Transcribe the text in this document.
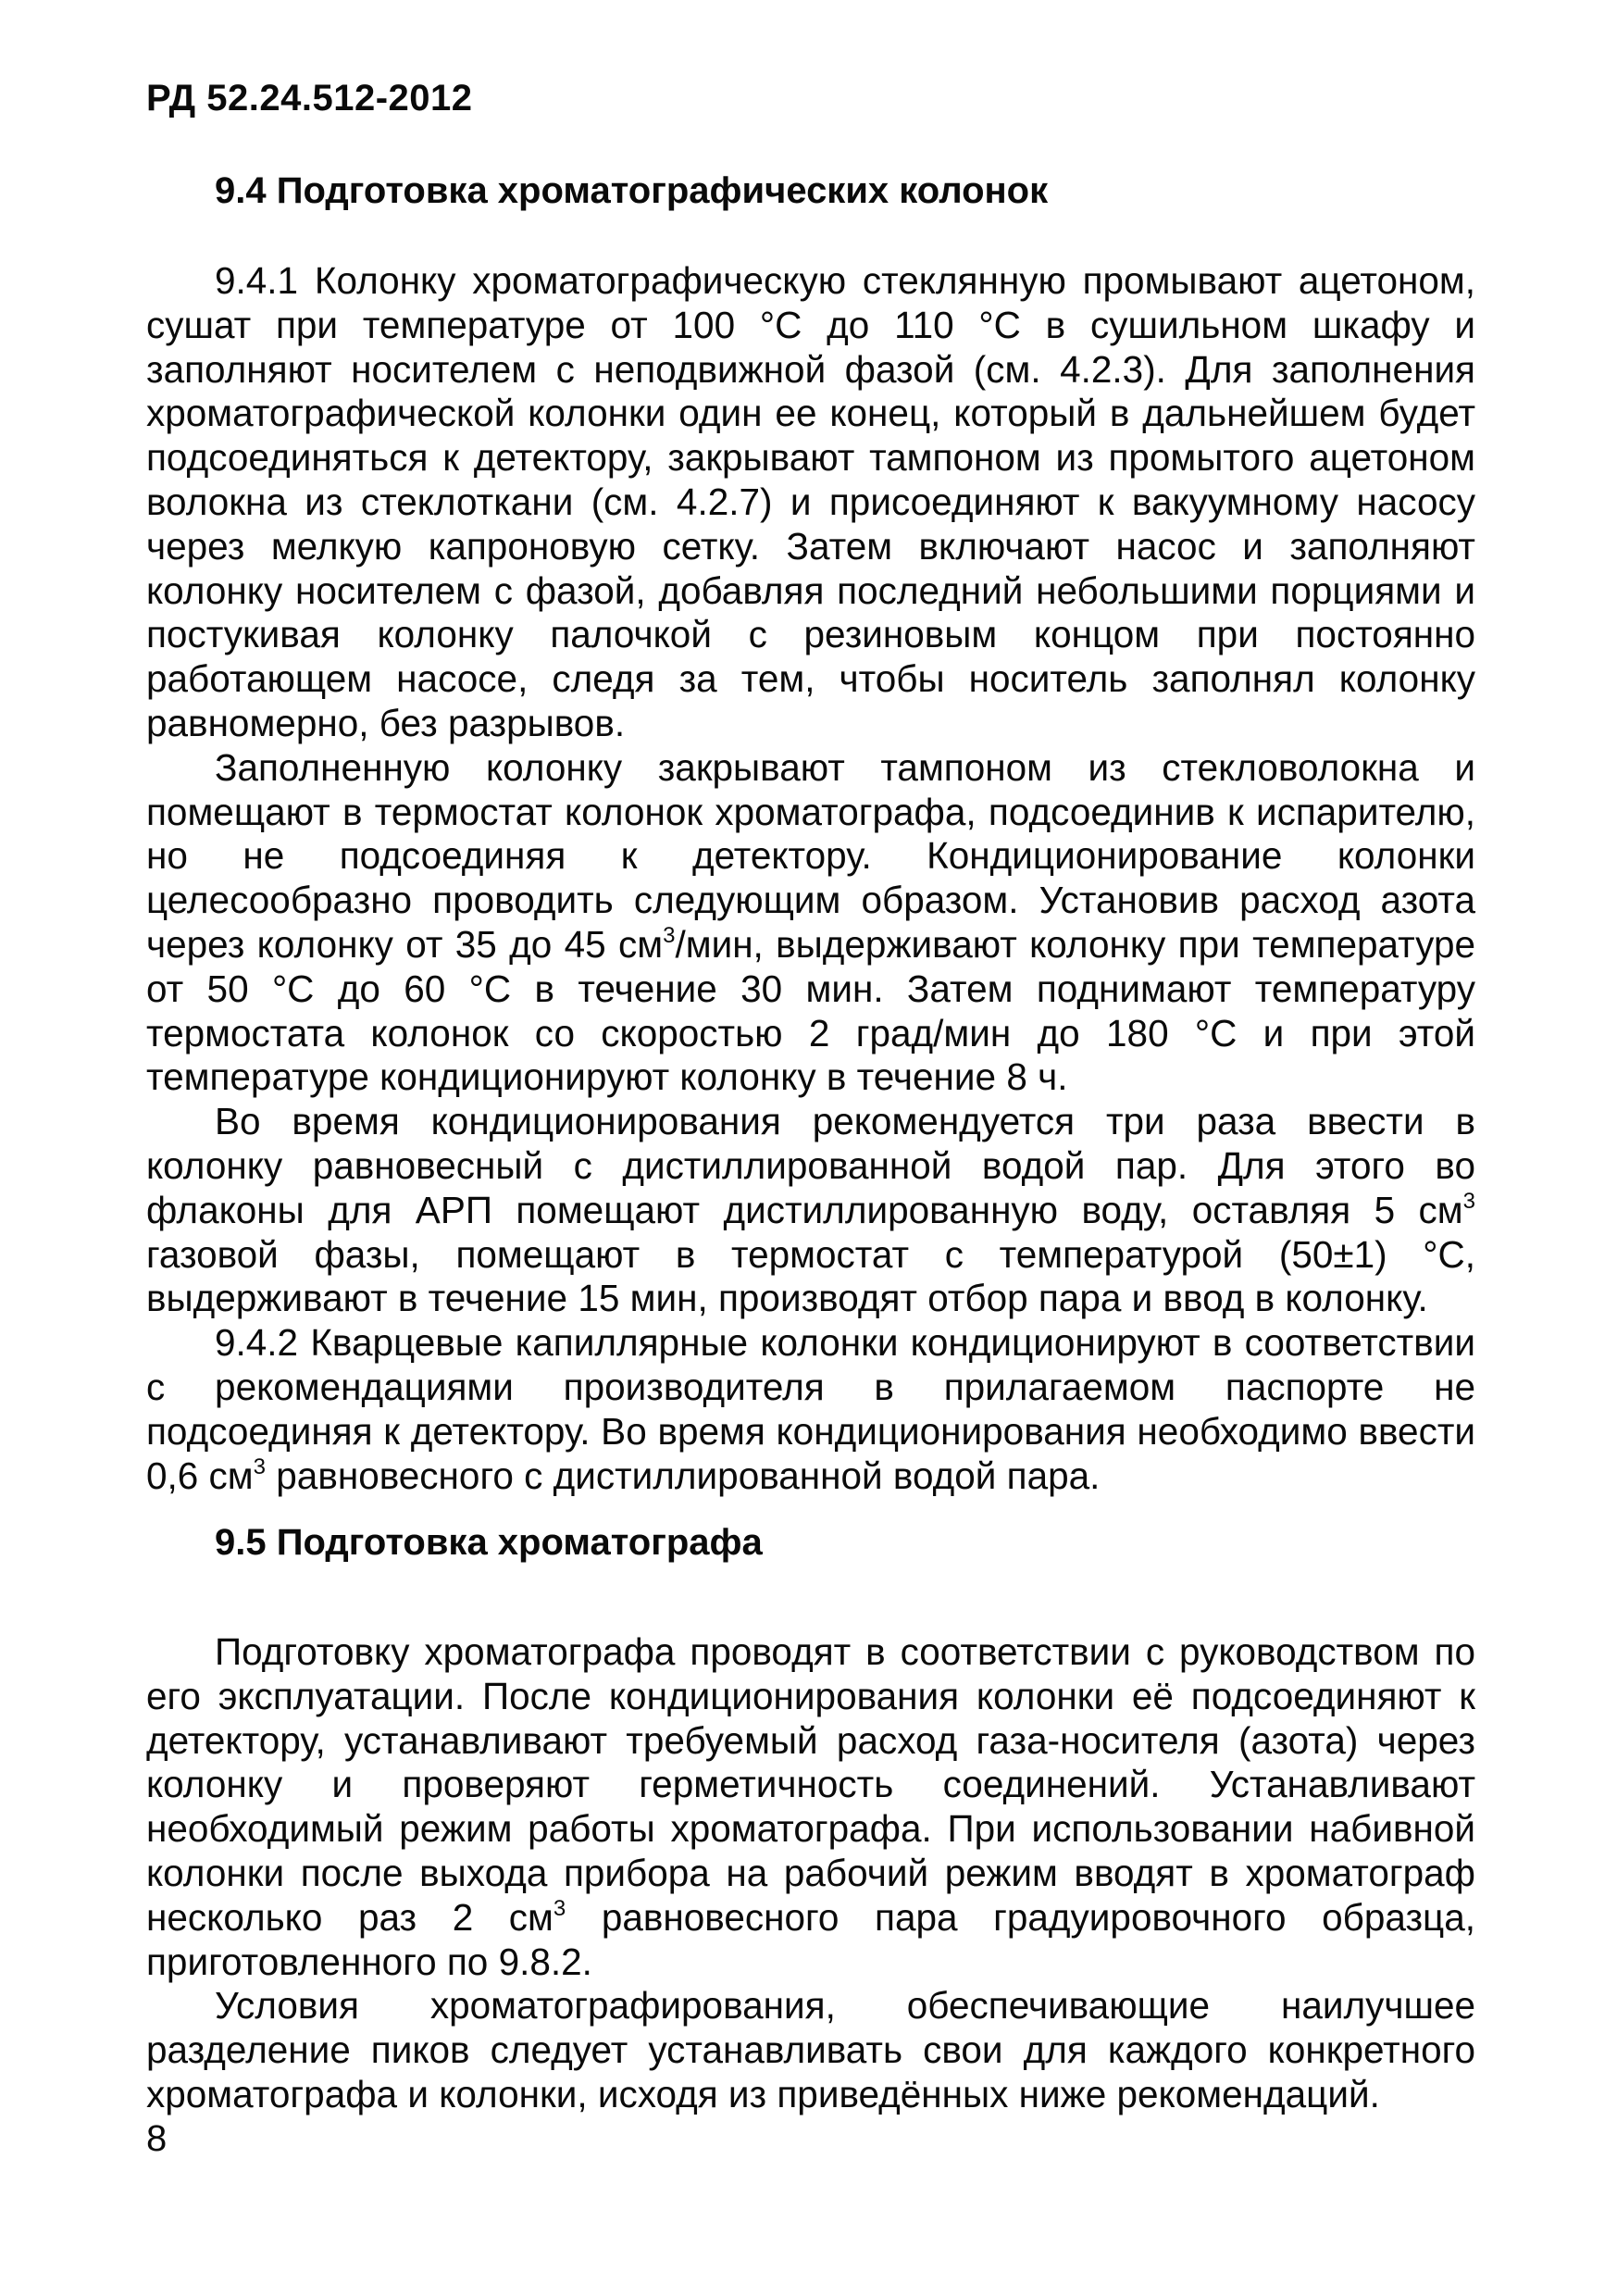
РД 52.24.512-2012
9.4 Подготовка хроматографических колонок

9.4.1 Колонку хроматографическую стеклянную промывают ацетоном, сушат при температуре от 100 °С до 110 °С в сушильном шкафу и заполняют носителем с неподвижной фазой (см. 4.2.3). Для заполнения хроматографической колонки один ее конец, который в дальнейшем будет подсоединяться к детектору, закрывают тампоном из промытого ацетоном волокна из стеклоткани (см. 4.2.7) и присоединяют к вакуумному насосу через мелкую капроновую сетку. Затем включают насос и заполняют колонку носителем с фазой, добавляя последний небольшими порциями и постукивая колонку палочкой с резиновым концом при постоянно работающем насосе, следя за тем, чтобы носитель заполнял колонку равномерно, без разрывов.

Заполненную колонку закрывают тампоном из стекловолокна и помещают в термостат колонок хроматографа, подсоединив к испарителю, но не подсоединяя к детектору. Кондиционирование колонки целесообразно проводить следующим образом. Установив расход азота через колонку от 35 до 45 $см^3$/мин, выдерживают колонку при температуре от 50 °С до 60 °С в течение 30 мин. Затем поднимают температуру термостата колонок со скоростью 2 град/мин до 180 °С и при этой температуре кондиционируют колонку в течение 8 ч.

Во время кондиционирования рекомендуется три раза ввести в колонку равновесный с дистиллированной водой пар. Для этого во флаконы для АРП помещают дистиллированную воду, оставляя 5 $см^3$ газовой фазы, помещают в термостат с температурой (50±1) °С, выдерживают в течение 15 мин, производят отбор пара и ввод в колонку.

9.4.2 Кварцевые капиллярные колонки кондиционируют в соответствии с рекомендациями производителя в прилагаемом паспорте не подсоединяя к детектору. Во время кондиционирования необходимо ввести 0,6 $см^3$ равновесного с дистиллированной водой пара.

9.5 Подготовка хроматографа

Подготовку хроматографа проводят в соответствии с руководством по его эксплуатации. После кондиционирования колонки её подсоединяют к детектору, устанавливают требуемый расход газа-носителя (азота) через колонку и проверяют герметичность соединений. Устанавливают необходимый режим работы хроматографа. При использовании набивной колонки после выхода прибора на рабочий режим вводят в хроматограф несколько раз 2 $см^3$ равновесного пара градуировочного образца, приготовленного по 9.8.2.

Условия хроматографирования, обеспечивающие наилучшее разделение пиков следует устанавливать свои для каждого конкретного хроматографа и колонки, исходя из приведённых ниже рекомендаций.

8
